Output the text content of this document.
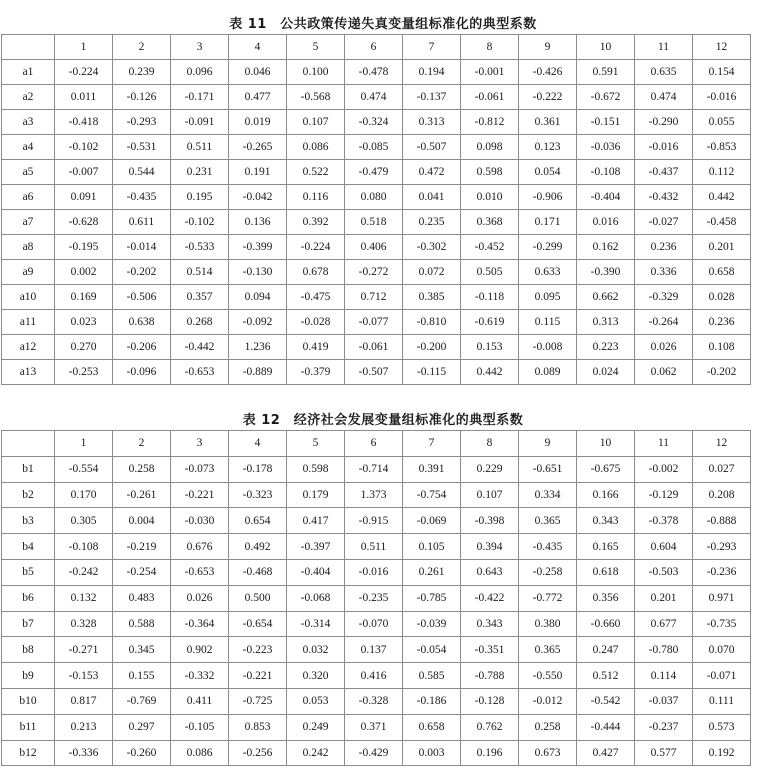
表 11　公共政策传递失真变量组标准化的典型系数
	1	2	3	4	5	6	7	8	9	10	11	12
a1	-0.224	0.239	0.096	0.046	0.100	-0.478	0.194	-0.001	-0.426	0.591	0.635	0.154
a2	0.011	-0.126	-0.171	0.477	-0.568	0.474	-0.137	-0.061	-0.222	-0.672	0.474	-0.016
a3	-0.418	-0.293	-0.091	0.019	0.107	-0.324	0.313	-0.812	0.361	-0.151	-0.290	0.055
a4	-0.102	-0.531	0.511	-0.265	0.086	-0.085	-0.507	0.098	0.123	-0.036	-0.016	-0.853
a5	-0.007	0.544	0.231	0.191	0.522	-0.479	0.472	0.598	0.054	-0.108	-0.437	0.112
a6	0.091	-0.435	0.195	-0.042	0.116	0.080	0.041	0.010	-0.906	-0.404	-0.432	0.442
a7	-0.628	0.611	-0.102	0.136	0.392	0.518	0.235	0.368	0.171	0.016	-0.027	-0.458
a8	-0.195	-0.014	-0.533	-0.399	-0.224	0.406	-0.302	-0.452	-0.299	0.162	0.236	0.201
a9	0.002	-0.202	0.514	-0.130	0.678	-0.272	0.072	0.505	0.633	-0.390	0.336	0.658
a10	0.169	-0.506	0.357	0.094	-0.475	0.712	0.385	-0.118	0.095	0.662	-0.329	0.028
a11	0.023	0.638	0.268	-0.092	-0.028	-0.077	-0.810	-0.619	0.115	0.313	-0.264	0.236
a12	0.270	-0.206	-0.442	1.236	0.419	-0.061	-0.200	0.153	-0.008	0.223	0.026	0.108
a13	-0.253	-0.096	-0.653	-0.889	-0.379	-0.507	-0.115	0.442	0.089	0.024	0.062	-0.202
表 12　经济社会发展变量组标准化的典型系数
	1	2	3	4	5	6	7	8	9	10	11	12
b1	-0.554	0.258	-0.073	-0.178	0.598	-0.714	0.391	0.229	-0.651	-0.675	-0.002	0.027
b2	0.170	-0.261	-0.221	-0.323	0.179	1.373	-0.754	0.107	0.334	0.166	-0.129	0.208
b3	0.305	0.004	-0.030	0.654	0.417	-0.915	-0.069	-0.398	0.365	0.343	-0.378	-0.888
b4	-0.108	-0.219	0.676	0.492	-0.397	0.511	0.105	0.394	-0.435	0.165	0.604	-0.293
b5	-0.242	-0.254	-0.653	-0.468	-0.404	-0.016	0.261	0.643	-0.258	0.618	-0.503	-0.236
b6	0.132	0.483	0.026	0.500	-0.068	-0.235	-0.785	-0.422	-0.772	0.356	0.201	0.971
b7	0.328	0.588	-0.364	-0.654	-0.314	-0.070	-0.039	0.343	0.380	-0.660	0.677	-0.735
b8	-0.271	0.345	0.902	-0.223	0.032	0.137	-0.054	-0.351	0.365	0.247	-0.780	0.070
b9	-0.153	0.155	-0.332	-0.221	0.320	0.416	0.585	-0.788	-0.550	0.512	0.114	-0.071
b10	0.817	-0.769	0.411	-0.725	0.053	-0.328	-0.186	-0.128	-0.012	-0.542	-0.037	0.111
b11	0.213	0.297	-0.105	0.853	0.249	0.371	0.658	0.762	0.258	-0.444	-0.237	0.573
b12	-0.336	-0.260	0.086	-0.256	0.242	-0.429	0.003	0.196	0.673	0.427	0.577	0.192
